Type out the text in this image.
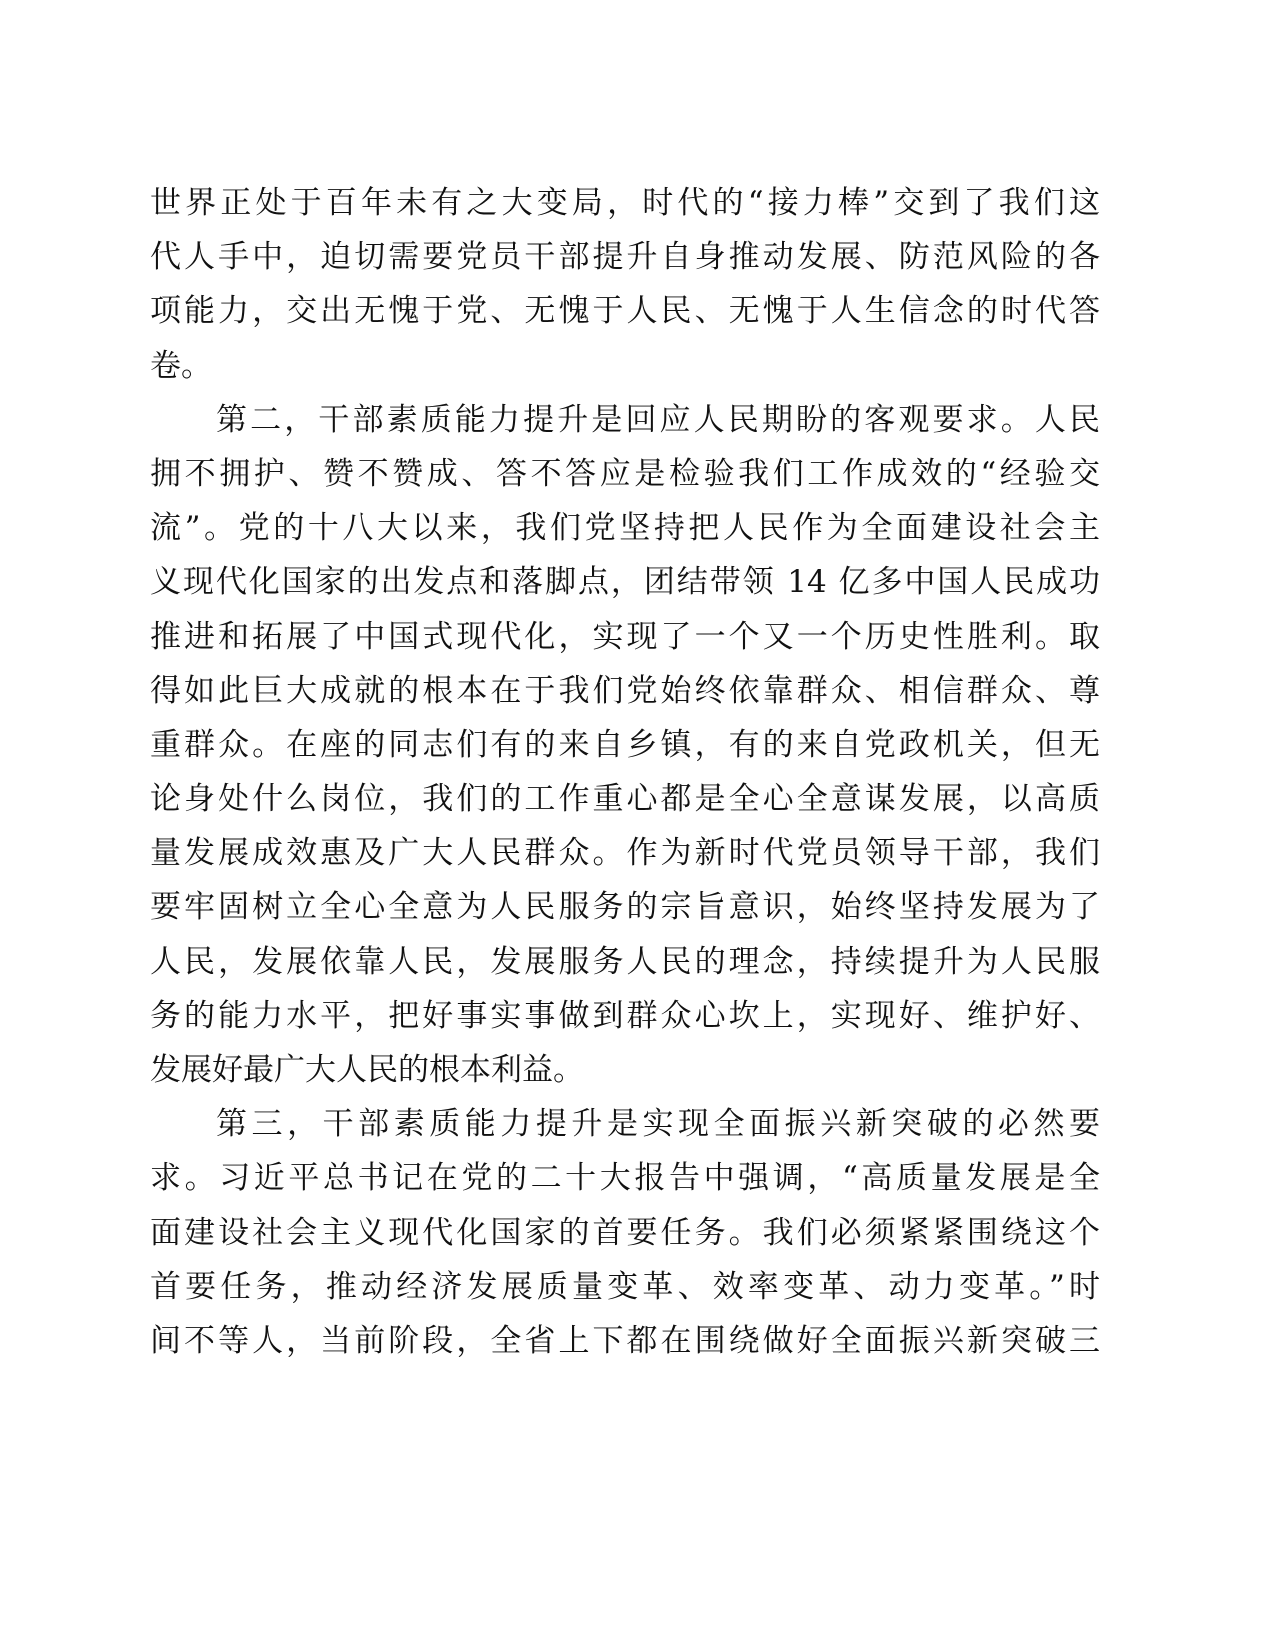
世界正处于百年未有之大变局，时代的“接力棒”交到了我们这
代人手中，迫切需要党员干部提升自身推动发展、防范风险的各
项能力，交出无愧于党、无愧于人民、无愧于人生信念的时代答
卷。
第二，干部素质能力提升是回应人民期盼的客观要求。人民
拥不拥护、赞不赞成、答不答应是检验我们工作成效的“经验交
流”。党的十八大以来，我们党坚持把人民作为全面建设社会主
义现代化国家的出发点和落脚点，团结带领 14 亿多中国人民成功
推进和拓展了中国式现代化，实现了一个又一个历史性胜利。取
得如此巨大成就的根本在于我们党始终依靠群众、相信群众、尊
重群众。在座的同志们有的来自乡镇，有的来自党政机关，但无
论身处什么岗位，我们的工作重心都是全心全意谋发展，以高质
量发展成效惠及广大人民群众。作为新时代党员领导干部，我们
要牢固树立全心全意为人民服务的宗旨意识，始终坚持发展为了
人民，发展依靠人民，发展服务人民的理念，持续提升为人民服
务的能力水平，把好事实事做到群众心坎上，实现好、维护好、
发展好最广大人民的根本利益。
第三，干部素质能力提升是实现全面振兴新突破的必然要
求。习近平总书记在党的二十大报告中强调，“高质量发展是全
面建设社会主义现代化国家的首要任务。我们必须紧紧围绕这个
首要任务，推动经济发展质量变革、效率变革、动力变革。”时
间不等人，当前阶段，全省上下都在围绕做好全面振兴新突破三
